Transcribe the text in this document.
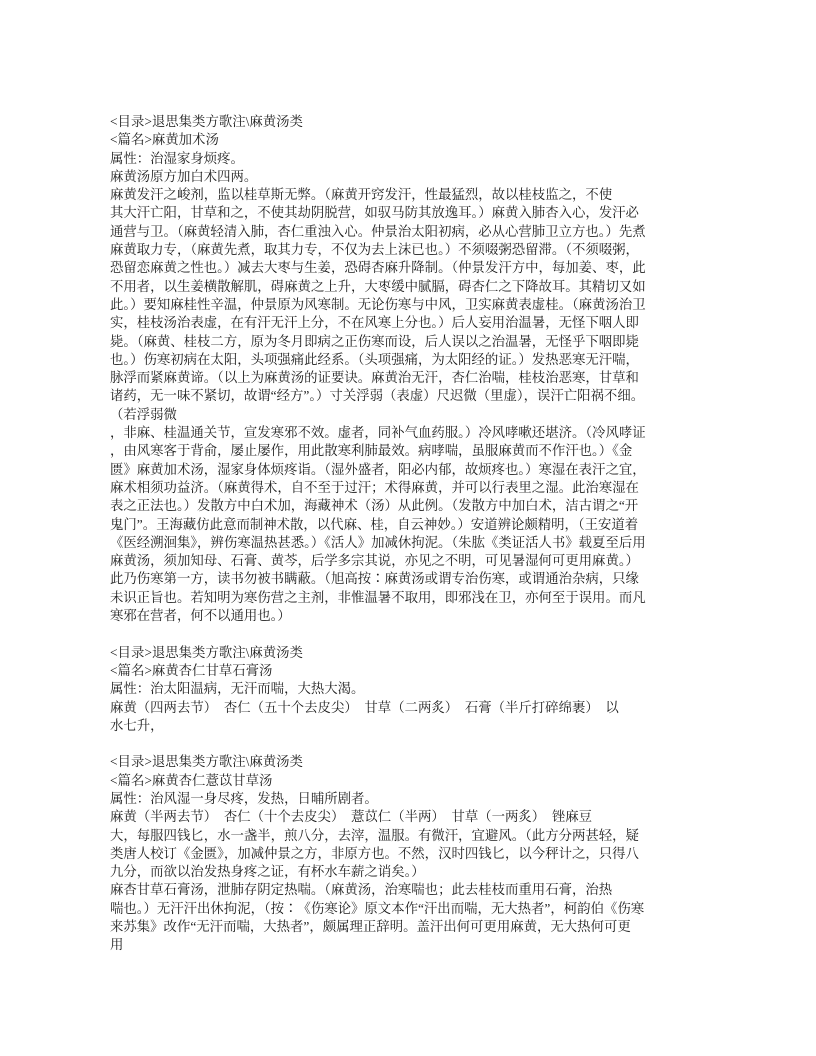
<目录>退思集类方歌注\麻黄汤类
<篇名>麻黄加术汤
属性：治湿家身烦疼。
麻黄汤原方加白术四两。
麻黄发汗之峻剂，监以桂草斯无弊。（麻黄开窍发汗，性最猛烈，故以桂枝监之，不使
其大汗亡阳，甘草和之，不使其劫阴脱营，如驭马防其放逸耳。）麻黄入肺杏入心，发汗必
通营与卫。（麻黄轻清入肺，杏仁重浊入心。仲景治太阳初病，必从心营肺卫立方也。）先煮
麻黄取力专，（麻黄先煮，取其力专，不仅为去上沫已也。）不须啜粥恐留滞。（不须啜粥，
恐留恋麻黄之性也。）减去大枣与生姜，恐碍杏麻升降制。（仲景发汗方中，每加姜、枣，此
不用者，以生姜横散解肌，碍麻黄之上升，大枣缓中腻膈，碍杏仁之下降故耳。其精切又如
此。）要知麻桂性辛温，仲景原为风寒制。无论伤寒与中风，卫实麻黄表虚桂。（麻黄汤治卫
实，桂枝汤治表虚，在有汗无汗上分，不在风寒上分也。）后人妄用治温暑，无怪下咽人即
毙。（麻黄、桂枝二方，原为冬月即病之正伤寒而设，后人误以之治温暑，无怪乎下咽即毙
也。）伤寒初病在太阳，头项强痛此经系。（头项强痛，为太阳经的证。）发热恶寒无汗喘，
脉浮而紧麻黄谛。（以上为麻黄汤的证要诀。麻黄治无汗，杏仁治喘，桂枝治恶寒，甘草和
诸药，无一味不紧切，故谓“经方”。）寸关浮弱（表虚）尺迟微（里虚），误汗亡阳祸不细。
（若浮弱微
，非麻、桂温通关节，宣发寒邪不效。虚者，同补气血药服。）冷风哮嗽还堪济。（冷风哮证
，由风寒客于背俞，屡止屡作，用此散寒利肺最效。病哮喘，虽服麻黄而不作汗也。）《金
匮》麻黄加术汤，湿家身体烦疼诣。（湿外盛者，阳必内郁，故烦疼也。）寒湿在表汗之宜，
麻术相须功益济。（麻黄得术，自不至于过汗；术得麻黄，并可以行表里之湿。此治寒湿在
表之正法也。）发散方中白术加，海藏神术（汤）从此例。（发散方中加白术，洁古谓之“开
鬼门”。王海藏仿此意而制神术散，以代麻、桂，自云神妙。）安道辨论颇精明，（王安道着
《医经溯洄集》，辨伤寒温热甚悉。）《活人》加减休拘泥。（朱肱《类证活人书》载夏至后用
麻黄汤，须加知母、石膏、黄芩，后学多宗其说，亦见之不明，可见暑湿何可更用麻黄。）
此乃伤寒第一方，读书勿被书瞒蔽。（旭高按∶麻黄汤或谓专治伤寒，或谓通治杂病，只缘
未识正旨也。若知明为寒伤营之主剂，非惟温暑不取用，即邪浅在卫，亦何至于误用。而凡
寒邪在营者，何不以通用也。）
<目录>退思集类方歌注\麻黄汤类
<篇名>麻黄杏仁甘草石膏汤
属性：治太阳温病，无汗而喘，大热大渴。
麻黄（四两去节）　杏仁（五十个去皮尖）　甘草（二两炙）　石膏（半斤打碎绵裹）　以
水七升，
<目录>退思集类方歌注\麻黄汤类
<篇名>麻黄杏仁薏苡甘草汤
属性：治风湿一身尽疼，发热，日晡所剧者。
麻黄（半两去节）　杏仁（十个去皮尖）　薏苡仁（半两）　甘草（一两炙）　锉麻豆
大，每服四钱匕，水一盏半，煎八分，去滓，温服。有微汗，宜避风。（此方分两甚轻，疑
类唐人校订《金匮》，加减仲景之方，非原方也。不然，汉时四钱匕，以今秤计之，只得八
九分，而欲以治发热身疼之证，有杯水车薪之诮矣。）
麻杏甘草石膏汤，泄肺存阴定热喘。（麻黄汤，治寒喘也；此去桂枝而重用石膏，治热
喘也。）无汗汗出休拘泥，（按∶《伤寒论》原文本作“汗出而喘，无大热者”，柯韵伯《伤寒
来苏集》改作“无汗而喘，大热者”，颇属理正辞明。盖汗出何可更用麻黄，无大热何可更
用
